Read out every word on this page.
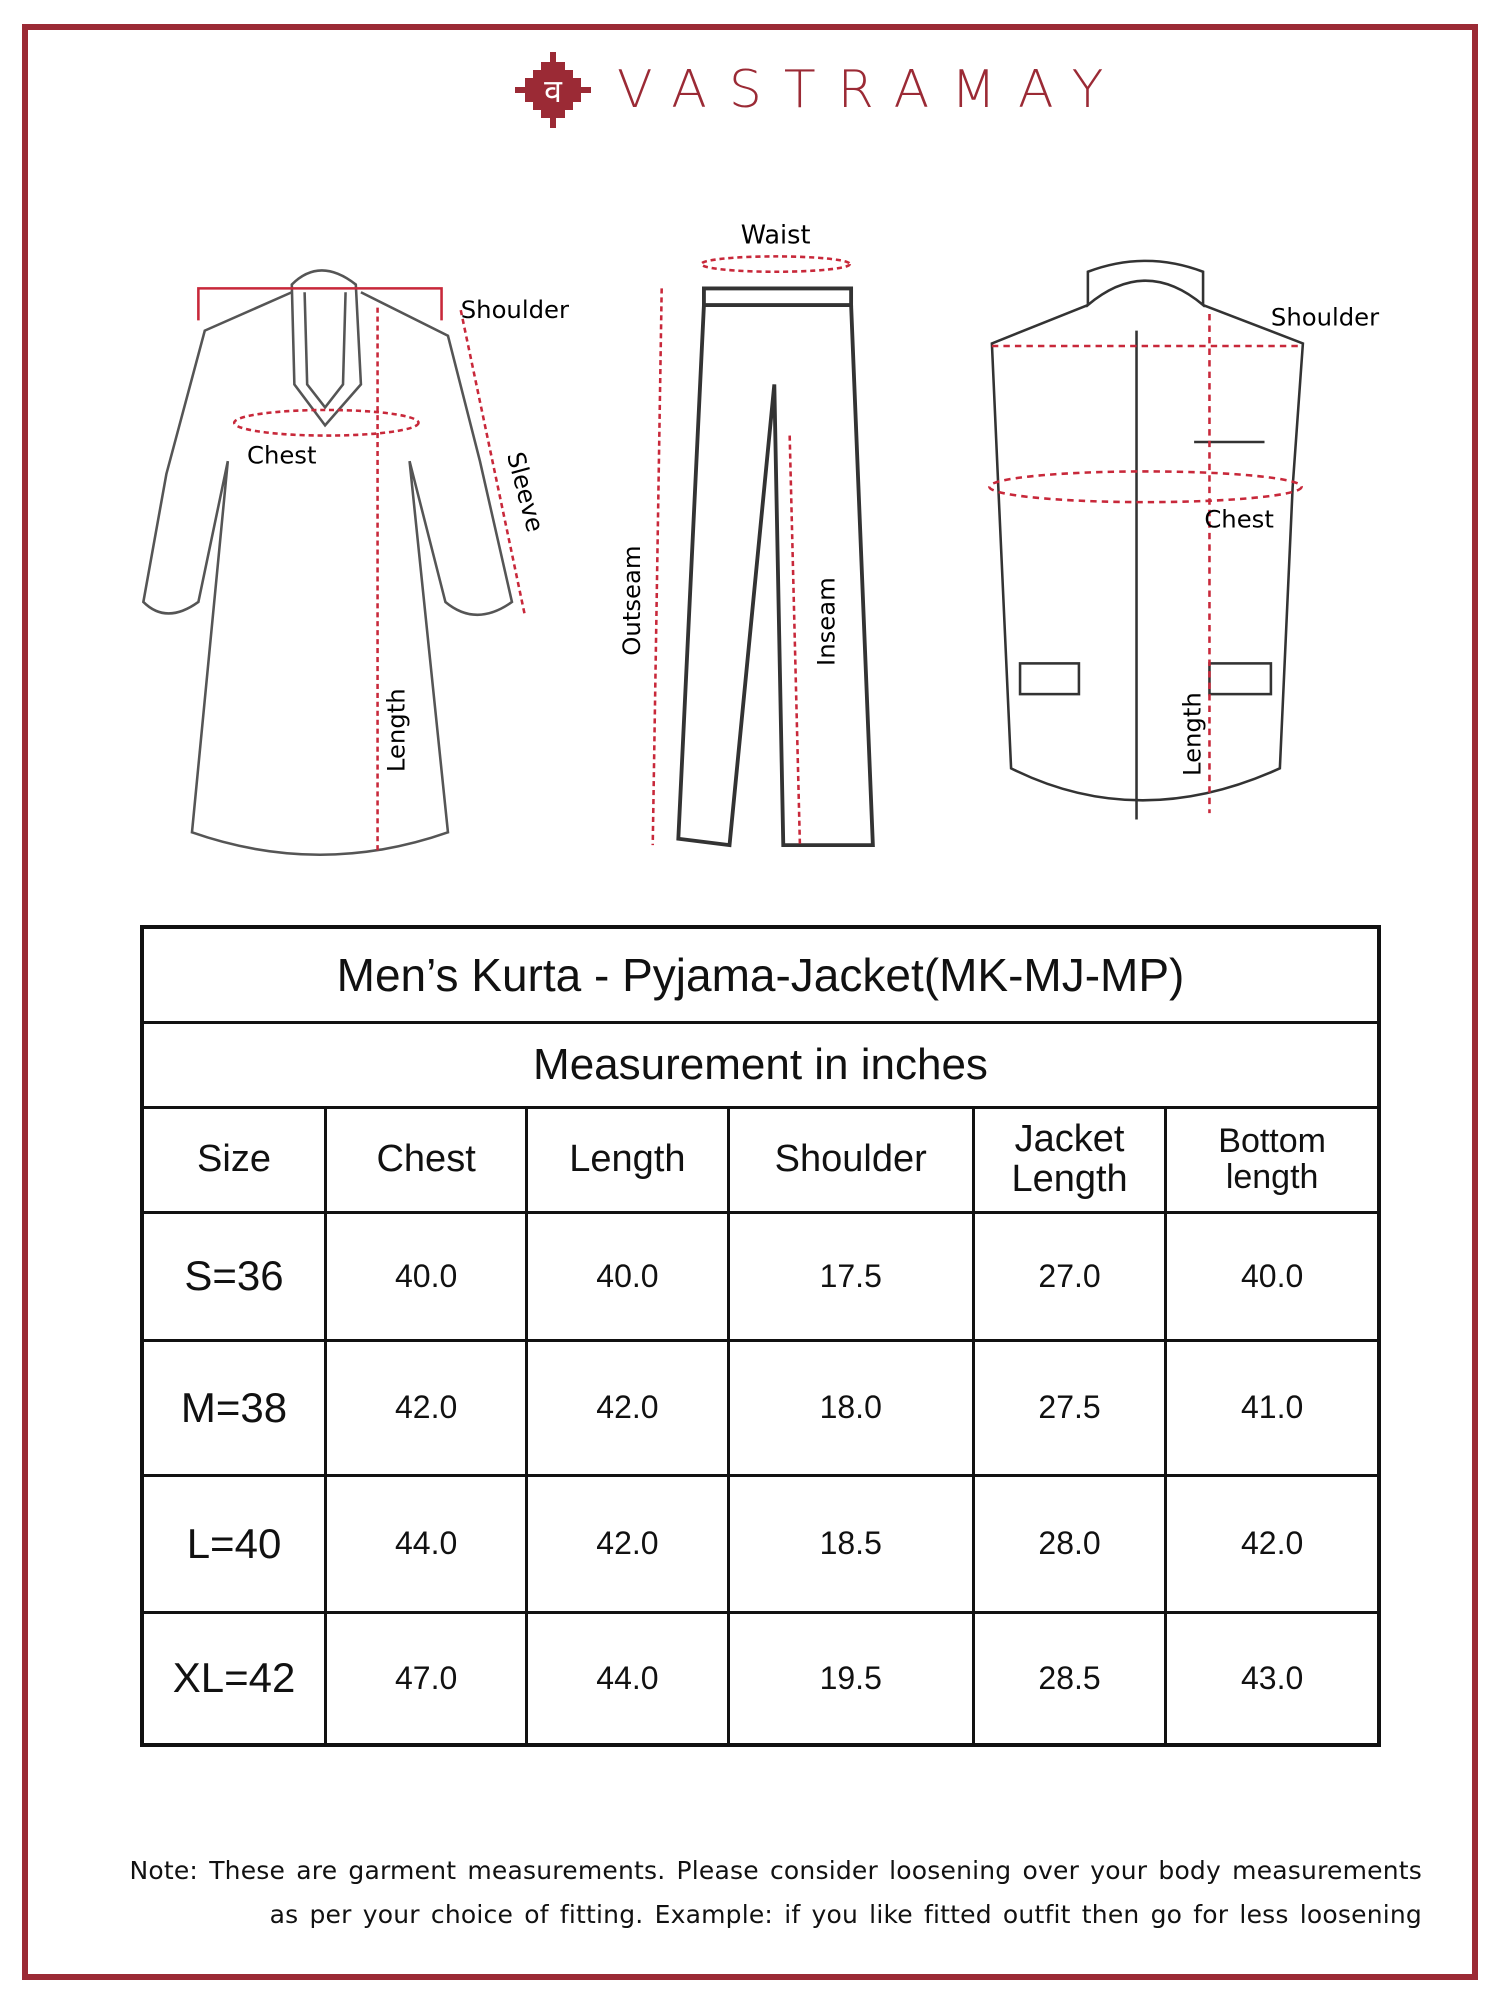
व VASTRAMAY
Shoulder
Chest	Sleeve
Length
Waist
Outseam	Inseam
Shoulder
Chest
Length
Men’s Kurta - Pyjama-Jacket(MK-MJ-MP)					
Measurement in inches					
Size	Chest	Length	Shoulder	Jacket Length	Bottom length
S=36	40.0	40.0	17.5	27.0	40.0
M=38	42.0	42.0	18.0	27.5	41.0
L=40	44.0	42.0	18.5	28.0	42.0
XL=42	47.0	44.0	19.5	28.5	43.0
Note: These are garment measurements. Please consider loosening over your body measurements
as per your choice of fitting. Example: if you like fitted outfit then go for less loosening
